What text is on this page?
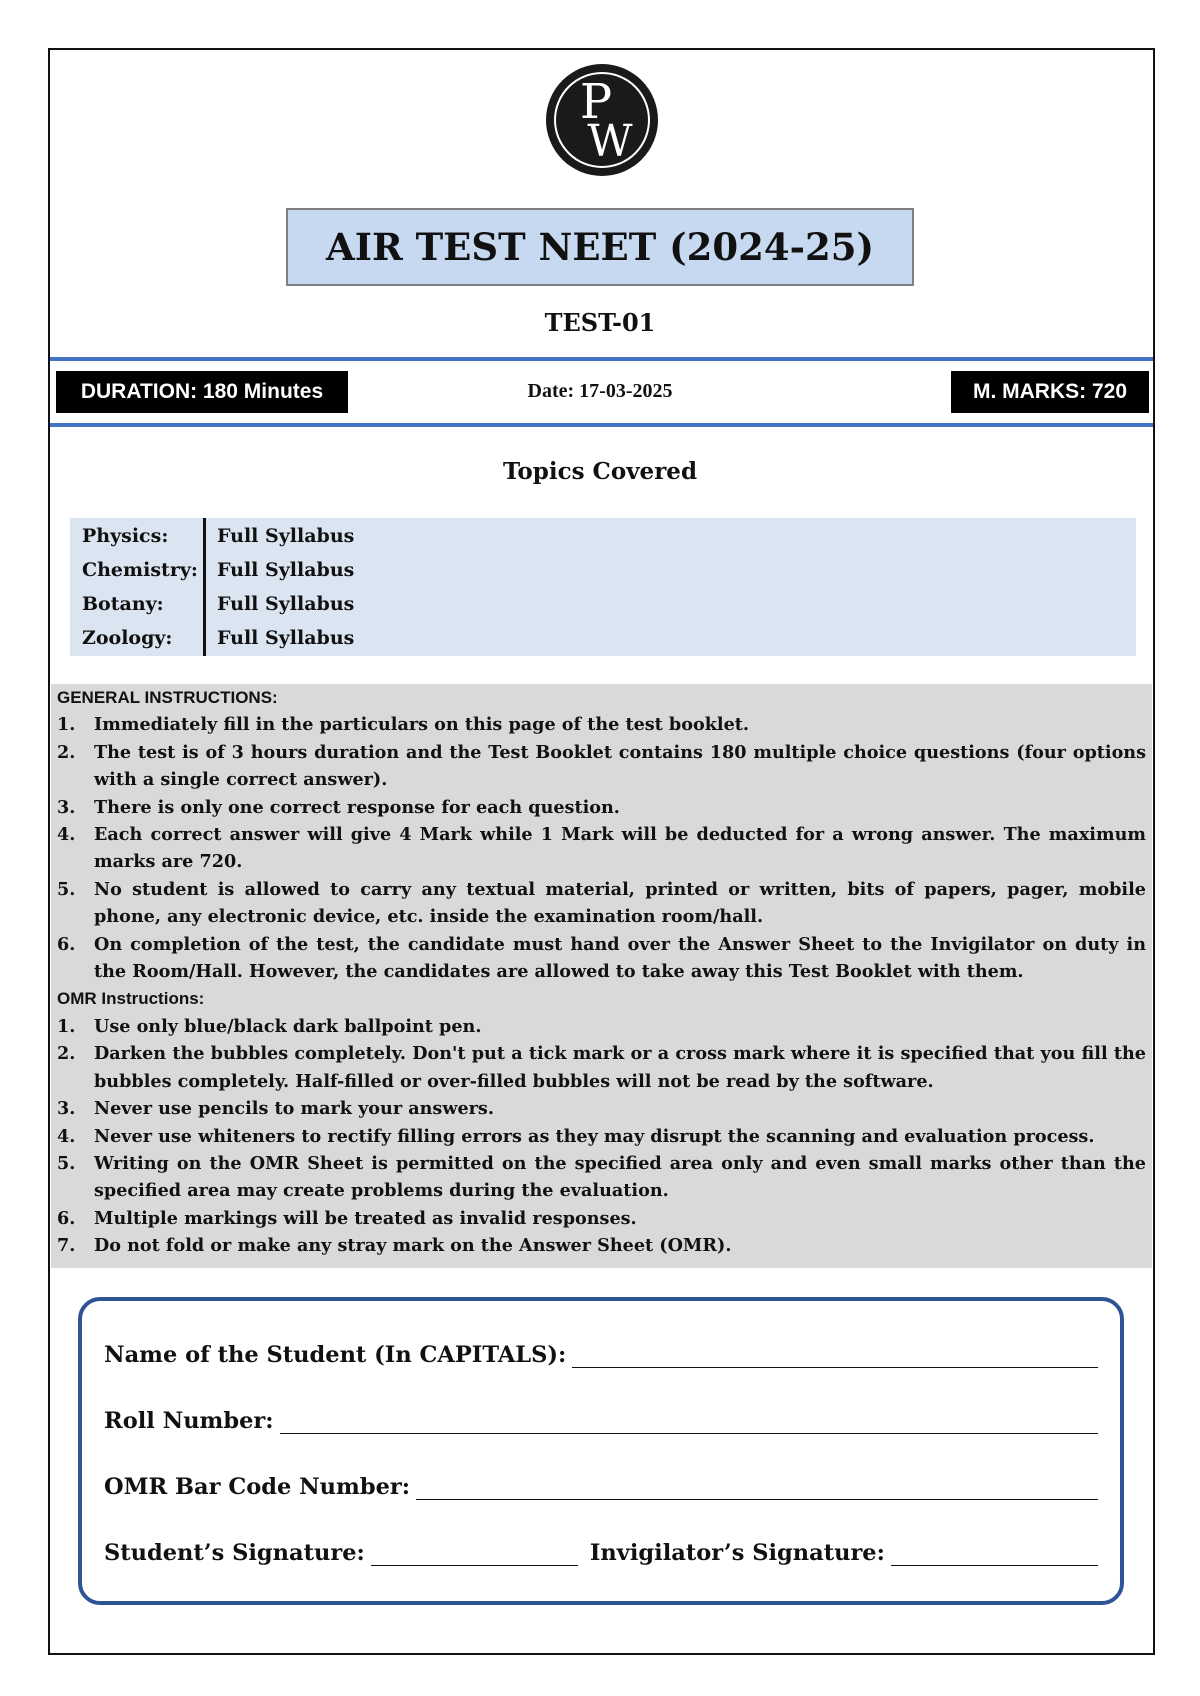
P
W
AIR TEST NEET (2024-25)
TEST-01
DURATION: 180 Minutes	Date: 17-03-2025	M. MARKS: 720
Topics Covered
Physics:	Full Syllabus
Chemistry: Full Syllabus
Botany:	Full Syllabus
Zoology:	Full Syllabus
GENERAL INSTRUCTIONS:
1. Immediately fill in the particulars on this page of the test booklet.
2. The test is of 3 hours duration and the Test Booklet contains 180 multiple choice questions (four options with a single correct answer).
3. There is only one correct response for each question.
4. Each correct answer will give 4 Mark while 1 Mark will be deducted for a wrong answer. The maximum marks are 720.
5. No student is allowed to carry any textual material, printed or written, bits of papers, pager, mobile phone, any electronic device, etc. inside the examination room/hall.
6. On completion of the test, the candidate must hand over the Answer Sheet to the Invigilator on duty in the Room/Hall. However, the candidates are allowed to take away this Test Booklet with them.
OMR Instructions:
1. Use only blue/black dark ballpoint pen.
2. Darken the bubbles completely. Don't put a tick mark or a cross mark where it is specified that you fill the bubbles completely. Half-filled or over-filled bubbles will not be read by the software.
3. Never use pencils to mark your answers.
4. Never use whiteners to rectify filling errors as they may disrupt the scanning and evaluation process.
5. Writing on the OMR Sheet is permitted on the specified area only and even small marks other than the specified area may create problems during the evaluation.
6. Multiple markings will be treated as invalid responses.
7. Do not fold or make any stray mark on the Answer Sheet (OMR).
Name of the Student (In CAPITALS):
Roll Number:
OMR Bar Code Number:
Student’s Signature:	Invigilator’s Signature:
